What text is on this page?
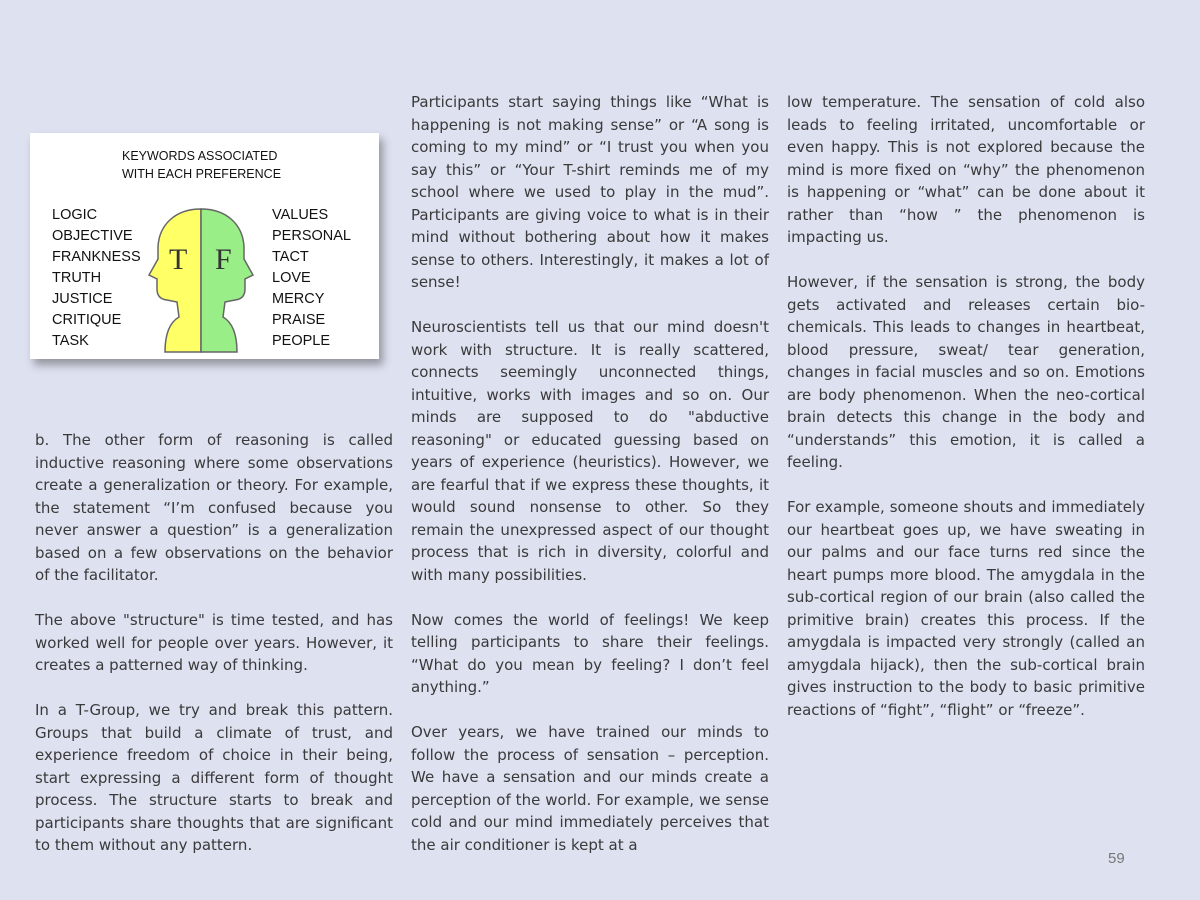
KEYWORDS ASSOCIATED
WITH EACH PREFERENCE
LOGIC
OBJECTIVE
FRANKNESS
TRUTH
JUSTICE
CRITIQUE
TASK
T F
VALUES
PERSONAL
TACT
LOVE
MERCY
PRAISE
PEOPLE

b. The other form of reasoning is called inductive reasoning where some observations create a generalization or theory. For example, the statement “I’m confused because you never answer a question” is a generalization based on a few observations on the behavior of the facilitator.

The above "structure" is time tested, and has worked well for people over years. However, it creates a patterned way of thinking.

In a T-Group, we try and break this pattern. Groups that build a climate of trust, and experience freedom of choice in their being, start expressing a different form of thought process. The structure starts to break and participants share thoughts that are significant to them without any pattern.

Participants start saying things like “What is happening is not making sense” or “A song is coming to my mind” or “I trust you when you say this” or “Your T-shirt reminds me of my school where we used to play in the mud”. Participants are giving voice to what is in their mind without bothering about how it makes sense to others. Interestingly, it makes a lot of sense!

Neuroscientists tell us that our mind doesn't work with structure. It is really scattered, connects seemingly unconnected things, intuitive, works with images and so on. Our minds are supposed to do "abductive reasoning" or educated guessing based on years of experience (heuristics). However, we are fearful that if we express these thoughts, it would sound nonsense to other. So they remain the unexpressed aspect of our thought process that is rich in diversity, colorful and with many possibilities.

Now comes the world of feelings! We keep telling participants to share their feelings. “What do you mean by feeling? I don’t feel anything.”

Over years, we have trained our minds to follow the process of sensation – perception. We have a sensation and our minds create a perception of the world. For example, we sense cold and our mind immediately perceives that the air conditioner is kept at a

low temperature. The sensation of cold also leads to feeling irritated, uncomfortable or even happy. This is not explored because the mind is more fixed on “why” the phenomenon is happening or “what” can be done about it rather than “how ” the phenomenon is impacting us.

However, if the sensation is strong, the body gets activated and releases certain bio-chemicals. This leads to changes in heartbeat, blood pressure, sweat/ tear generation, changes in facial muscles and so on. Emotions are body phenomenon. When the neo-cortical brain detects this change in the body and “understands” this emotion, it is called a feeling.

For example, someone shouts and immediately our heartbeat goes up, we have sweating in our palms and our face turns red since the heart pumps more blood. The amygdala in the sub-cortical region of our brain (also called the primitive brain) creates this process. If the amygdala is impacted very strongly (called an amygdala hijack), then the sub-cortical brain gives instruction to the body to basic primitive reactions of “fight”, “flight” or “freeze”.

59
